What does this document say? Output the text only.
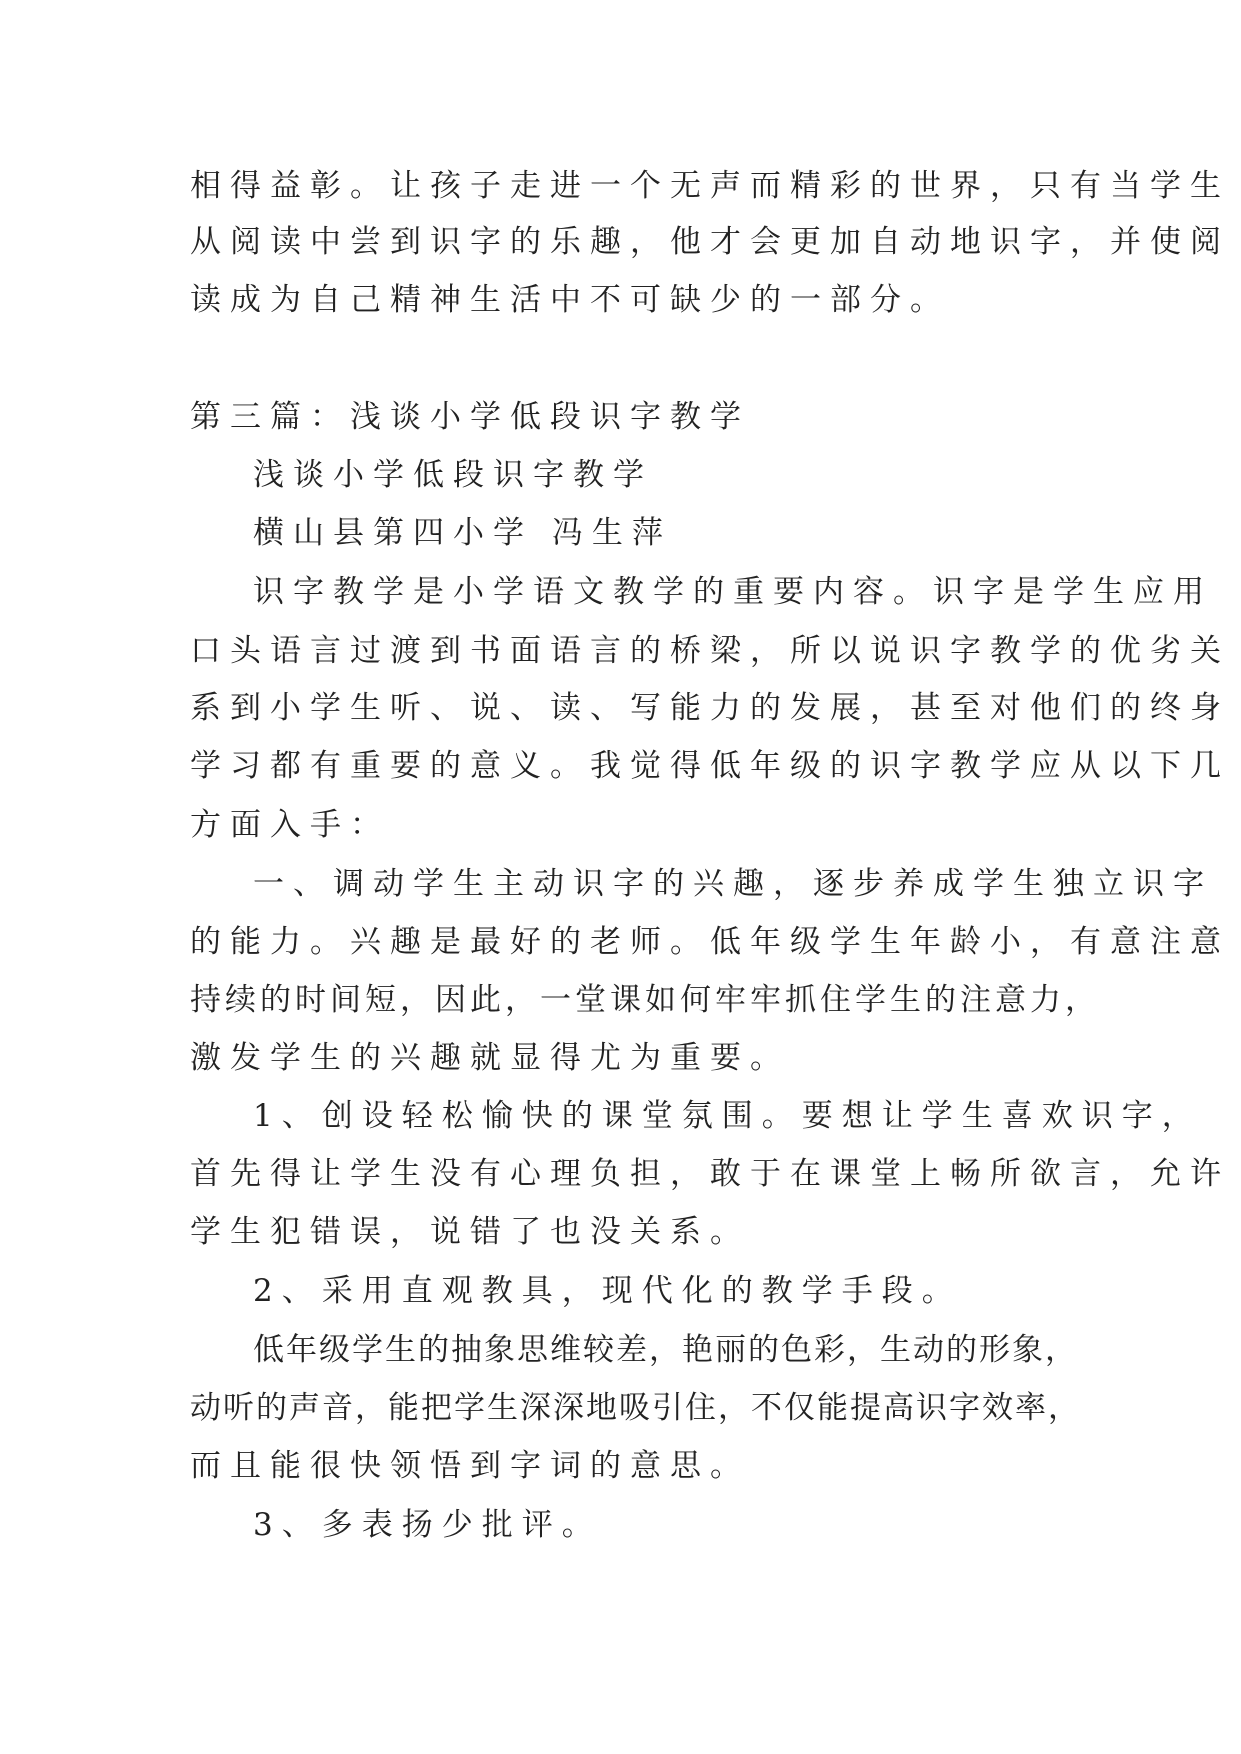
相得益彰。让孩子走进一个无声而精彩的世界，只有当学生
从阅读中尝到识字的乐趣，他才会更加自动地识字，并使阅
读成为自己精神生活中不可缺少的一部分。
第三篇：浅谈小学低段识字教学
浅谈小学低段识字教学
横山县第四小学 冯生萍
识字教学是小学语文教学的重要内容。识字是学生应用
口头语言过渡到书面语言的桥梁，所以说识字教学的优劣关
系到小学生听、说、读、写能力的发展，甚至对他们的终身
学习都有重要的意义。我觉得低年级的识字教学应从以下几
方面入手：
一、调动学生主动识字的兴趣，逐步养成学生独立识字
的能力。兴趣是最好的老师。低年级学生年龄小，有意注意
持续的时间短，因此，一堂课如何牢牢抓住学生的注意力，
激发学生的兴趣就显得尤为重要。
1、创设轻松愉快的课堂氛围。要想让学生喜欢识字，
首先得让学生没有心理负担，敢于在课堂上畅所欲言，允许
学生犯错误，说错了也没关系。
2、采用直观教具，现代化的教学手段。
低年级学生的抽象思维较差，艳丽的色彩，生动的形象，
动听的声音，能把学生深深地吸引住，不仅能提高识字效率，
而且能很快领悟到字词的意思。
3、多表扬少批评。
